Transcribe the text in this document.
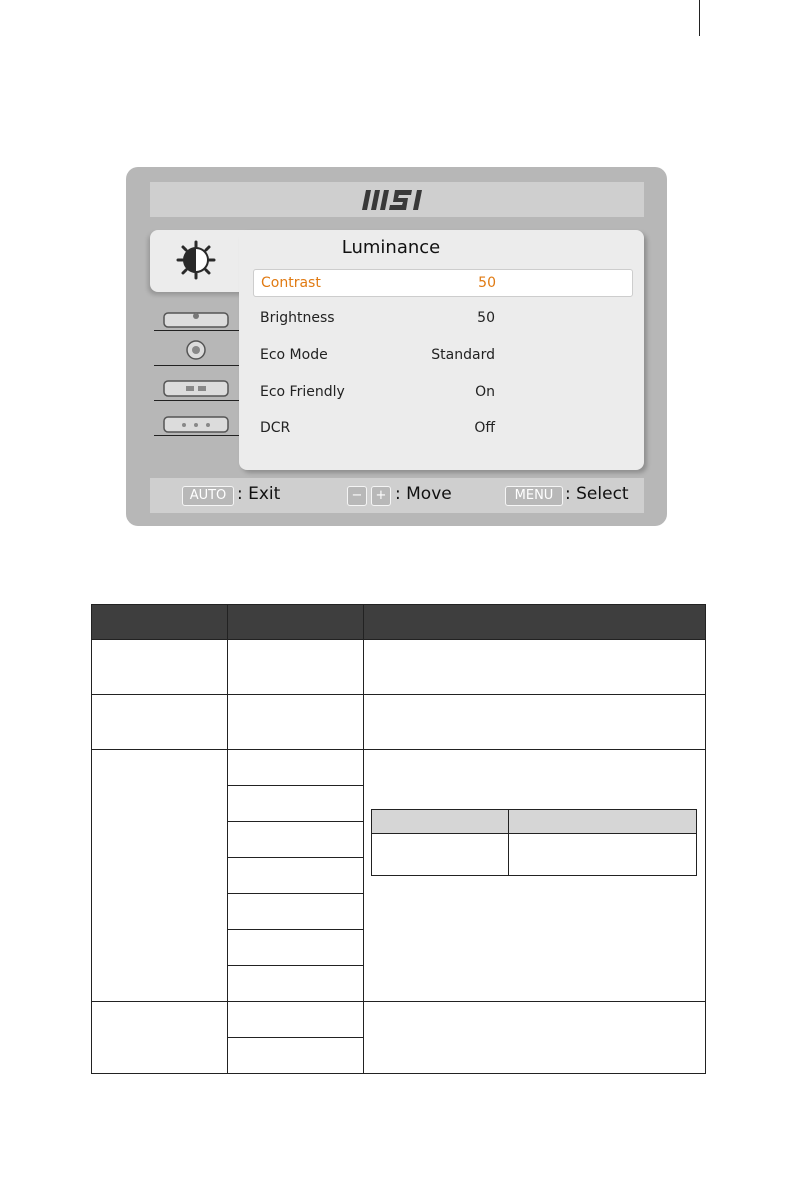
Luminance
Contrast	50
Brightness	50
Eco Mode	Standard
Eco Friendly	On
DCR	Off
AUTO : Exit	−	+ : Move	MENU : Select
